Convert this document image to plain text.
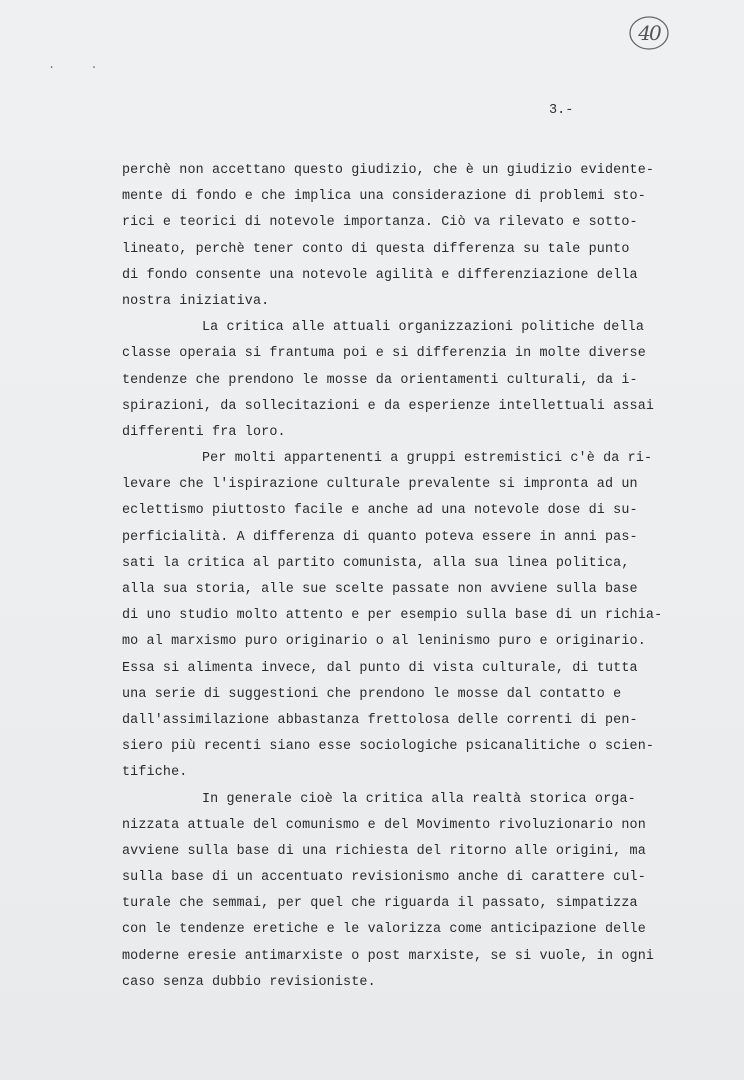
40
. .
3.-
perchè non accettano questo giudizio, che è un giudizio evidente-
mente di fondo e che implica una considerazione di problemi sto-
rici e teorici di notevole importanza. Ciò va rilevato e sotto-
lineato, perchè tener conto di questa differenza su tale punto
di fondo consente una notevole agilità e differenziazione della
nostra iniziativa.
La critica alle attuali organizzazioni politiche della
classe operaia si frantuma poi e si differenzia in molte diverse
tendenze che prendono le mosse da orientamenti culturali, da i-
spirazioni, da sollecitazioni e da esperienze intellettuali assai
differenti fra loro.
Per molti appartenenti a gruppi estremistici c'è da ri-
levare che l'ispirazione culturale prevalente si impronta ad un
eclettismo piuttosto facile e anche ad una notevole dose di su-
perficialità. A differenza di quanto poteva essere in anni pas-
sati la critica al partito comunista, alla sua linea politica,
alla sua storia, alle sue scelte passate non avviene sulla base
di uno studio molto attento e per esempio sulla base di un richia-
mo al marxismo puro originario o al leninismo puro e originario.
Essa si alimenta invece, dal punto di vista culturale, di tutta
una serie di suggestioni che prendono le mosse dal contatto e
dall'assimilazione abbastanza frettolosa delle correnti di pen-
siero più recenti siano esse sociologiche psicanalitiche o scien-
tifiche.
In generale cioè la critica alla realtà storica orga-
nizzata attuale del comunismo e del Movimento rivoluzionario non
avviene sulla base di una richiesta del ritorno alle origini, ma
sulla base di un accentuato revisionismo anche di carattere cul-
turale che semmai, per quel che riguarda il passato, simpatizza
con le tendenze eretiche e le valorizza come anticipazione delle
moderne eresie antimarxiste o post marxiste, se si vuole, in ogni
caso senza dubbio revisioniste.
